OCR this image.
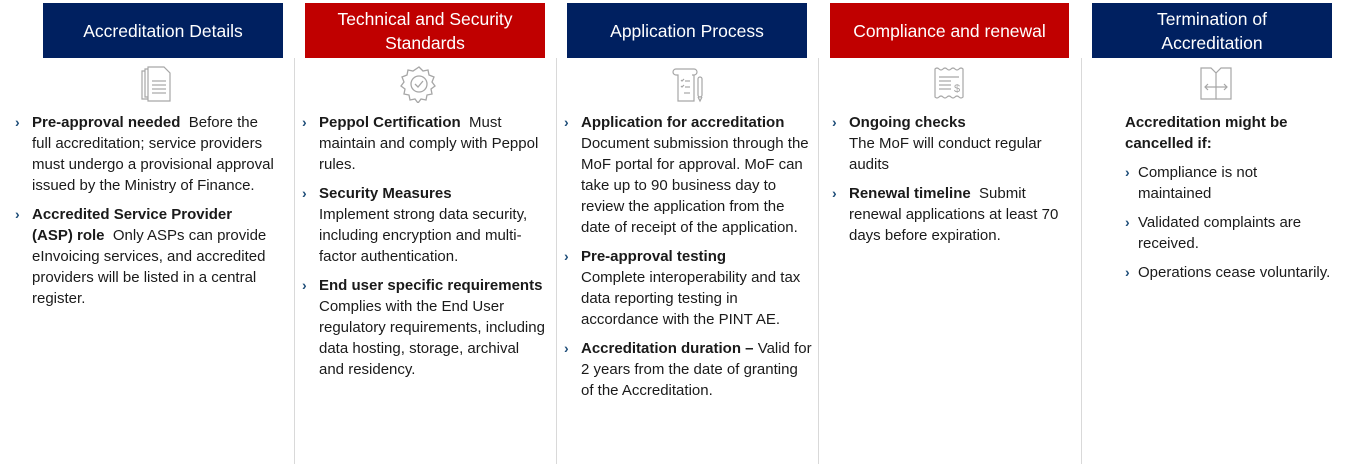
Accreditation Details
Technical and Security Standards
Application Process	Compliance and renewal
Termination of Accreditation
$
› Pre-approval needed  Before the full accreditation; service providers must undergo a provisional approval issued by the Ministry of Finance.
› Accredited Service Provider (ASP) role  Only ASPs can provide eInvoicing services, and accredited providers will be listed in a central register.
› Peppol Certification  Must maintain and comply with Peppol rules.
› Security Measures
Implement strong data security, including encryption and multi-factor authentication.
› End user specific requirements  Complies with the End User regulatory requirements, including data hosting, storage, archival and residency.
› Application for accreditation
Document submission through the MoF portal for approval. MoF can take up to 90 business day to review the application from the date of receipt of the application.
› Pre-approval testing
Complete interoperability and tax data reporting testing in accordance with the PINT AE.
› Accreditation duration – Valid for 2 years from the date of granting of the Accreditation.
› Ongoing checks
The MoF will conduct regular audits
› Renewal timeline  Submit renewal applications at least 70 days before expiration.
Accreditation might be cancelled if:
› Compliance is not maintained
› Validated complaints are received.
› Operations cease voluntarily.
